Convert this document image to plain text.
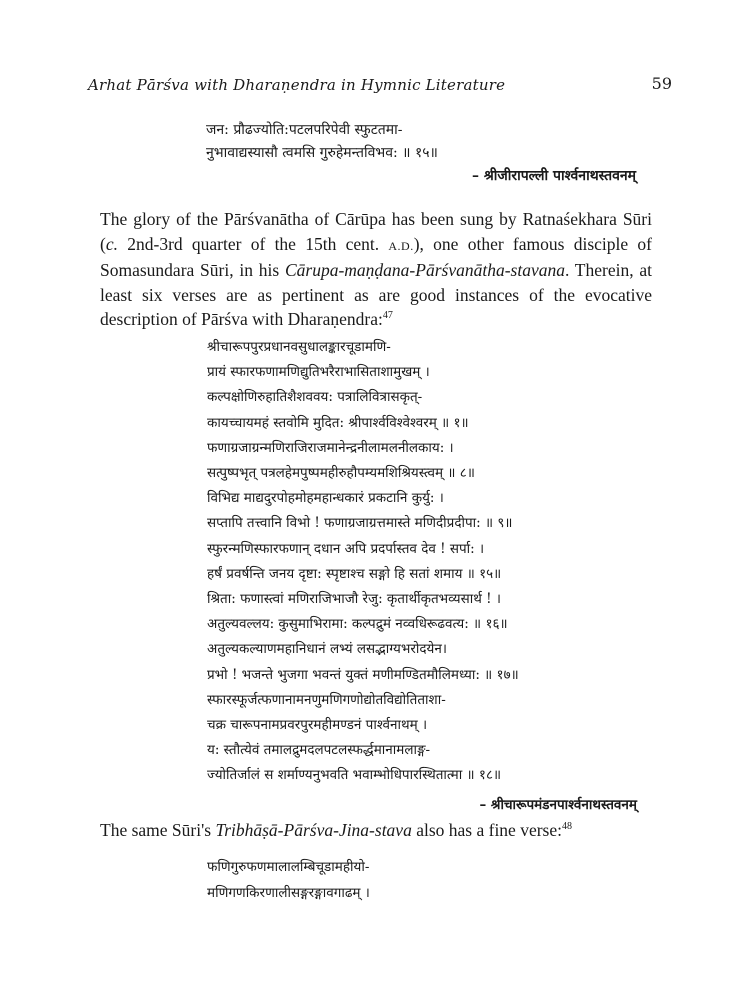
Arhat Pārśva with Dharaṇendra in Hymnic Literature	59
जन: प्रौढज्योति:पटलपरिपेवी स्फुटतमा-
नुभावाद्यस्यासौ त्वमसि गुरुहेमन्तविभव: ॥ १५॥
– श्रीजीरापल्ली पार्श्वनाथस्तवनम्

The glory of the Pārśvanātha of Cārūpa has been sung by Ratnaśekhara Sūri (c. 2nd-3rd quarter of the 15th cent. A.D.), one other famous disciple of Somasundara Sūri, in his Cārupa-maṇḍana-Pārśvanātha-stavana. Therein, at least six verses are as pertinent as are good instances of the evocative description of Pārśva with Dharaṇendra:$^{47}$

श्रीचारूपपुरप्रधानवसुधालङ्कारचूडामणि-
प्रायं स्फारफणामणिद्युतिभरैराभासिताशामुखम् ।
कल्पक्षोणिरुहातिशैशववय: पत्रालिवित्रासकृत्-
कायच्चायमहं स्तवोमि मुदित: श्रीपार्श्वविश्वेश्वरम् ॥ १॥
फणाग्रजाग्रन्मणिराजिराजमानेन्द्रनीलामलनीलकाय: ।
सत्पुष्पभृत् पत्रलहेमपुष्पमहीरुहौपम्यमशिश्रियस्त्वम् ॥ ८॥
विभिद्य माद्यदुरपोहमोहमहान्धकारं प्रकटानि कुर्यु: ।
सप्तापि तत्त्वानि विभो ! फणाग्रजाग्रत्तमास्ते मणिदीप्रदीपा: ॥ ९॥
स्फुरन्मणिस्फारफणान् दधान अपि प्रदर्पास्तव देव ! सर्पा: ।
हर्षं प्रवर्षन्ति जनय दृष्टा: स्पृष्टाश्च सङ्गो हि सतां शमाय ॥ १५॥
श्रिता: फणास्त्वां मणिराजिभाजौ रेजु: कृतार्थीकृतभव्यसार्थ ! ।
अतुल्यवल्लय: कुसुमाभिरामा: कल्पद्रुमं नव्वधिरूढवत्य: ॥ १६॥
अतुल्यकल्याणमहानिधानं लभ्यं लसद्भाग्यभरोदयेन।
प्रभो ! भजन्ते भुजगा भवन्तं युक्तं मणीमण्डितमौलिमध्या: ॥ १७॥
स्फारस्फूर्जत्फणानामनणुमणिगणोद्योतविद्योतिताशा-
चक्र चारूपनामप्रवरपुरमहीमण्डनं पार्श्वनाथम् ।
य: स्तौत्येवं तमालद्रुमदलपटलस्फर्द्धमानामलाङ्ग-
ज्योतिर्जालं स शर्माण्यनुभवति भवाम्भोधिपारस्थितात्मा ॥ १८॥
– श्रीचारूपमंडनपार्श्वनाथस्तवनम्

The same Sūri's Tribhāṣā-Pārśva-Jina-stava also has a fine verse:$^{48}$

फणिगुरुफणमालालम्बिचूडामहीयो-
मणिगणकिरणालीसङ्गरङ्गावगाढम् ।
